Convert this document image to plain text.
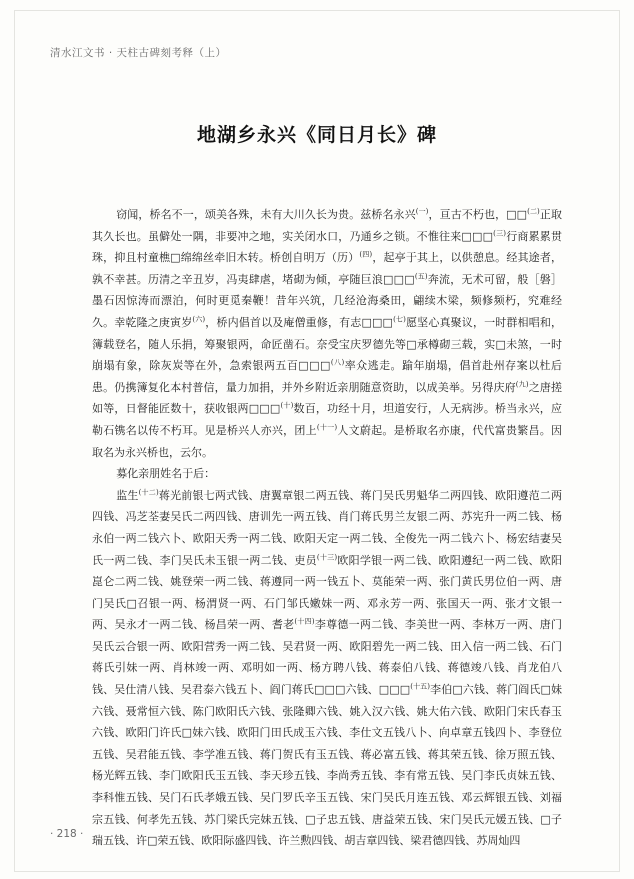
清水江文书 · 天柱古碑刻考释（上）
地湖乡永兴《同日月长》碑

窃闻，桥名不一，颂美各殊，未有大川久长为贵。兹桥名永兴$^{(一)}$，亘古不朽也，□□$^{(二)}$正取其久长也。虽僻处一隅，非要冲之地，实关闭水口，乃通乡之锁。不惟往来□□□$^{(三)}$行商累累贯珠，抑且村童樵□绵绵丝牵旧木转。桥创自明万（历）$^{(四)}$，起亭于其上，以供憩息。经其途者，孰不幸甚。历清之辛丑岁，冯夷肆虐，堵砌为倾，亭随巨浪□□□$^{(五)}$奔流，无术可留，般［磐］墨石因惊涛而漂泊，何时更觅秦鞭！昔年兴筑，几经沧海桑田，翩续木梁，频修频朽，究难经久。幸乾隆之庚寅岁$^{(六)}$，桥内倡首以及庵僧重修，有志□□□$^{(七)}$愿坚心真聚议，一时群相唱和，簿载登名，随人乐捐，筹聚银两，命匠凿石。奈受宝庆罗德先等□承樽砌三载，实□未煞，一时崩塌有象，除灰炭等在外，急索银两五百□□□$^{(八)}$率众逃走。踰年崩塌，倡首赴州存案以杜后患。仍携簿复化本村普信，量力加捐，并外乡附近亲朋随意资助，以成美举。另得庆府$^{(九)}$之唐搓如等，日督能匠数十，获收银两□□□$^{(十)}$数百，功经十月，坦道安行，人无病涉。桥当永兴，应勒石镌名以传不朽耳。见是桥兴人亦兴，团上$^{(十一)}$人文蔚起。是桥取名亦康，代代富贵繁昌。因取名为永兴桥也，云尔。

募化亲朋姓名于后：

监生$^{(十二)}$蒋光前银七两式钱、唐翼章银二两五钱、蒋门吴氏男魁华二两四钱、欧阳遵范二两四钱、冯芝荃妻吴氏二两四钱、唐训先一两五钱、肖门蒋氏男兰友银二两、苏宪升一两二钱、杨永伯一两二钱六卜、欧阳天秀一两二钱、欧阳天定一两二钱、全俊先一两二钱六卜、杨宏结妻吴氏一两二钱、李门吴氏未玉银一两二钱、吏员$^{(十三)}$欧阳学银一两二钱、欧阳遵纪一两二钱、欧阳崑仑二两二钱、姚登荣一两二钱、蒋遵同一两一钱五卜、莫能荣一两、张门黄氏男位伯一两、唐门吴氏□召银一两、杨渭贤一两、石门邹氏嫩妹一两、邓永芳一两、张国天一两、张才文银一两、吴永才一两二钱、杨昌荣一两、耆老$^{(十四)}$李尊德一两二钱、李美世一两、李林万一两、唐门吴氏云合银一两、欧阳营秀一两二钱、吴君贤一两、欧阳碧先一两二钱、田入信一两二钱、石门蒋氏引妹一两、肖林竣一两、邓明如一两、杨方聘八钱、蒋泰伯八钱、蒋德竣八钱、肖龙伯八钱、吴仕清八钱、吴君泰六钱五卜、阎门蒋氏□□□六钱、□□□$^{(十五)}$李伯□六钱、蒋门阎氏□妹六钱、聂常恒六钱、陈门欧阳氏六钱、张隆卿六钱、姚入汉六钱、姚大佑六钱、欧阳门宋氏春玉六钱、欧阳门许氏□妹六钱、欧阳门田氏成玉六钱、李仕文五钱八卜、向卓章五钱四卜、李登位五钱、吴君能五钱、李学准五钱、蒋门贺氏有玉五钱、蒋必富五钱、蒋其荣五钱、徐万照五钱、杨光辉五钱、李门欧阳氏玉五钱、李天珍五钱、李尚秀五钱、李有常五钱、吴门李氏贞妹五钱、李科惟五钱、吴门石氏孝娥五钱、吴门罗氏辛玉五钱、宋门吴氏月连五钱、邓云辉银五钱、刘福宗五钱、何孝先五钱、苏门梁氏完妹五钱、□子忠五钱、唐益荣五钱、宋门吴氏元媛五钱、□子瑞五钱、许□荣五钱、欧阳际盛四钱、许兰勲四钱、胡吉章四钱、梁君德四钱、苏周灿四

· 218 ·
